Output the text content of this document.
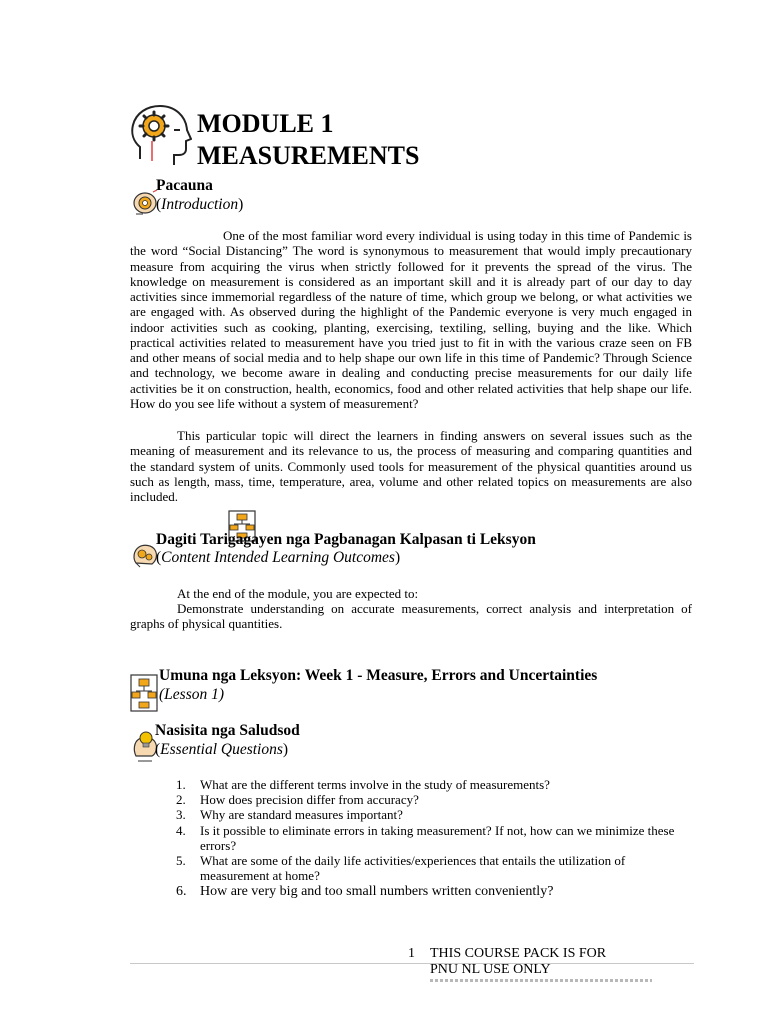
MODULE 1
MEASUREMENTS
Pacauna
(Introduction)

One of the most familiar word every individual is using today in this time of Pandemic is the word “Social Distancing” The word is synonymous to measurement that would imply precautionary measure from acquiring the virus when strictly followed for it prevents the spread of the virus. The knowledge on measurement is considered as an important skill and it is already part of our day to day activities since immemorial regardless of the nature of time, which group we belong, or what activities we are engaged with. As observed during the highlight of the Pandemic everyone is very much engaged in indoor activities such as cooking, planting, exercising, textiling, selling, buying and the like. Which practical activities related to measurement have you tried just to fit in with the various craze seen on FB and other means of social media and to help shape our own life in this time of Pandemic? Through Science and technology, we become aware in dealing and conducting precise measurements for our daily life activities be it on construction, health, economics, food and other related activities that help shape our life. How do you see life without a system of measurement?

This particular topic will direct the learners in finding answers on several issues such as the meaning of measurement and its relevance to us, the process of measuring and comparing quantities and the standard system of units. Commonly used tools for measurement of the physical quantities around us such as length, mass, time, temperature, area, volume and other related topics on measurements are also included.

Dagiti Tarigagayen nga Pagbanagan Kalpasan ti Leksyon
(Content Intended Learning Outcomes)

At the end of the module, you are expected to:

Demonstrate understanding on accurate measurements, correct analysis and interpretation of graphs of physical quantities.

Umuna nga Leksyon: Week 1 - Measure, Errors and Uncertainties
(Lesson 1)
Nasisita nga Saludsod
(Essential Questions)
1.	What are the different terms involve in the study of measurements?
2.	How does precision differ from accuracy?
3.	Why are standard measures important?
4.	Is it possible to eliminate errors in taking measurement? If not, how can we minimize these errors?
5.	What are some of the daily life activities/experiences that entails the utilization of measurement at home?
6. How are very big and too small numbers written conveniently?
1 THIS COURSE PACK IS FOR
PNU NL USE ONLY
